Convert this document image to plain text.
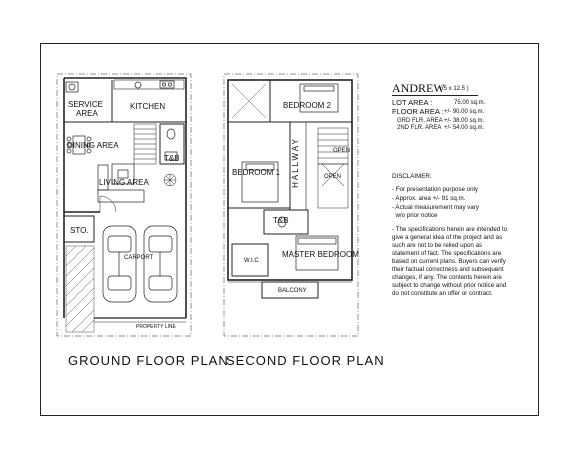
SERVICE
AREA
KITCHEN
DINING AREA
T&B
LIVING AREA
STO.
CARPORT
PROPERTY LINE
BEDROOM 2
OPEN
BEDROOM 1 HALLWAY	OPEN
T&B
W.I.C
MASTER BEDROOM
BALCONY
GROUND FLOOR PLAN
SECOND FLOOR PLAN
ANDREW
( 5 x 12.5 )
LOT AREA :	75.00 sq.m.
FLOOR AREA : +/- 90.00 sq.m.
GRD FLR. AREA +/- 38.00 sq.m.
2ND FLR. AREA +/- 54.00 sq.m.
DISCLAIMER:
- For presentation purpose only
- Approx. area +/- 91 sq.m.
- Actual measurement may vary
w/o prior notice
- The specifications herein are intended to
give a general idea of the project and as
such are not to be relied upon as
statement of fact. The specifications are
based on current plans. Buyers can verify
their factual correctness and subsequent
changes, if any. The contents herein are
subject to change without prior notice and
do not constitute an offer or contract.
